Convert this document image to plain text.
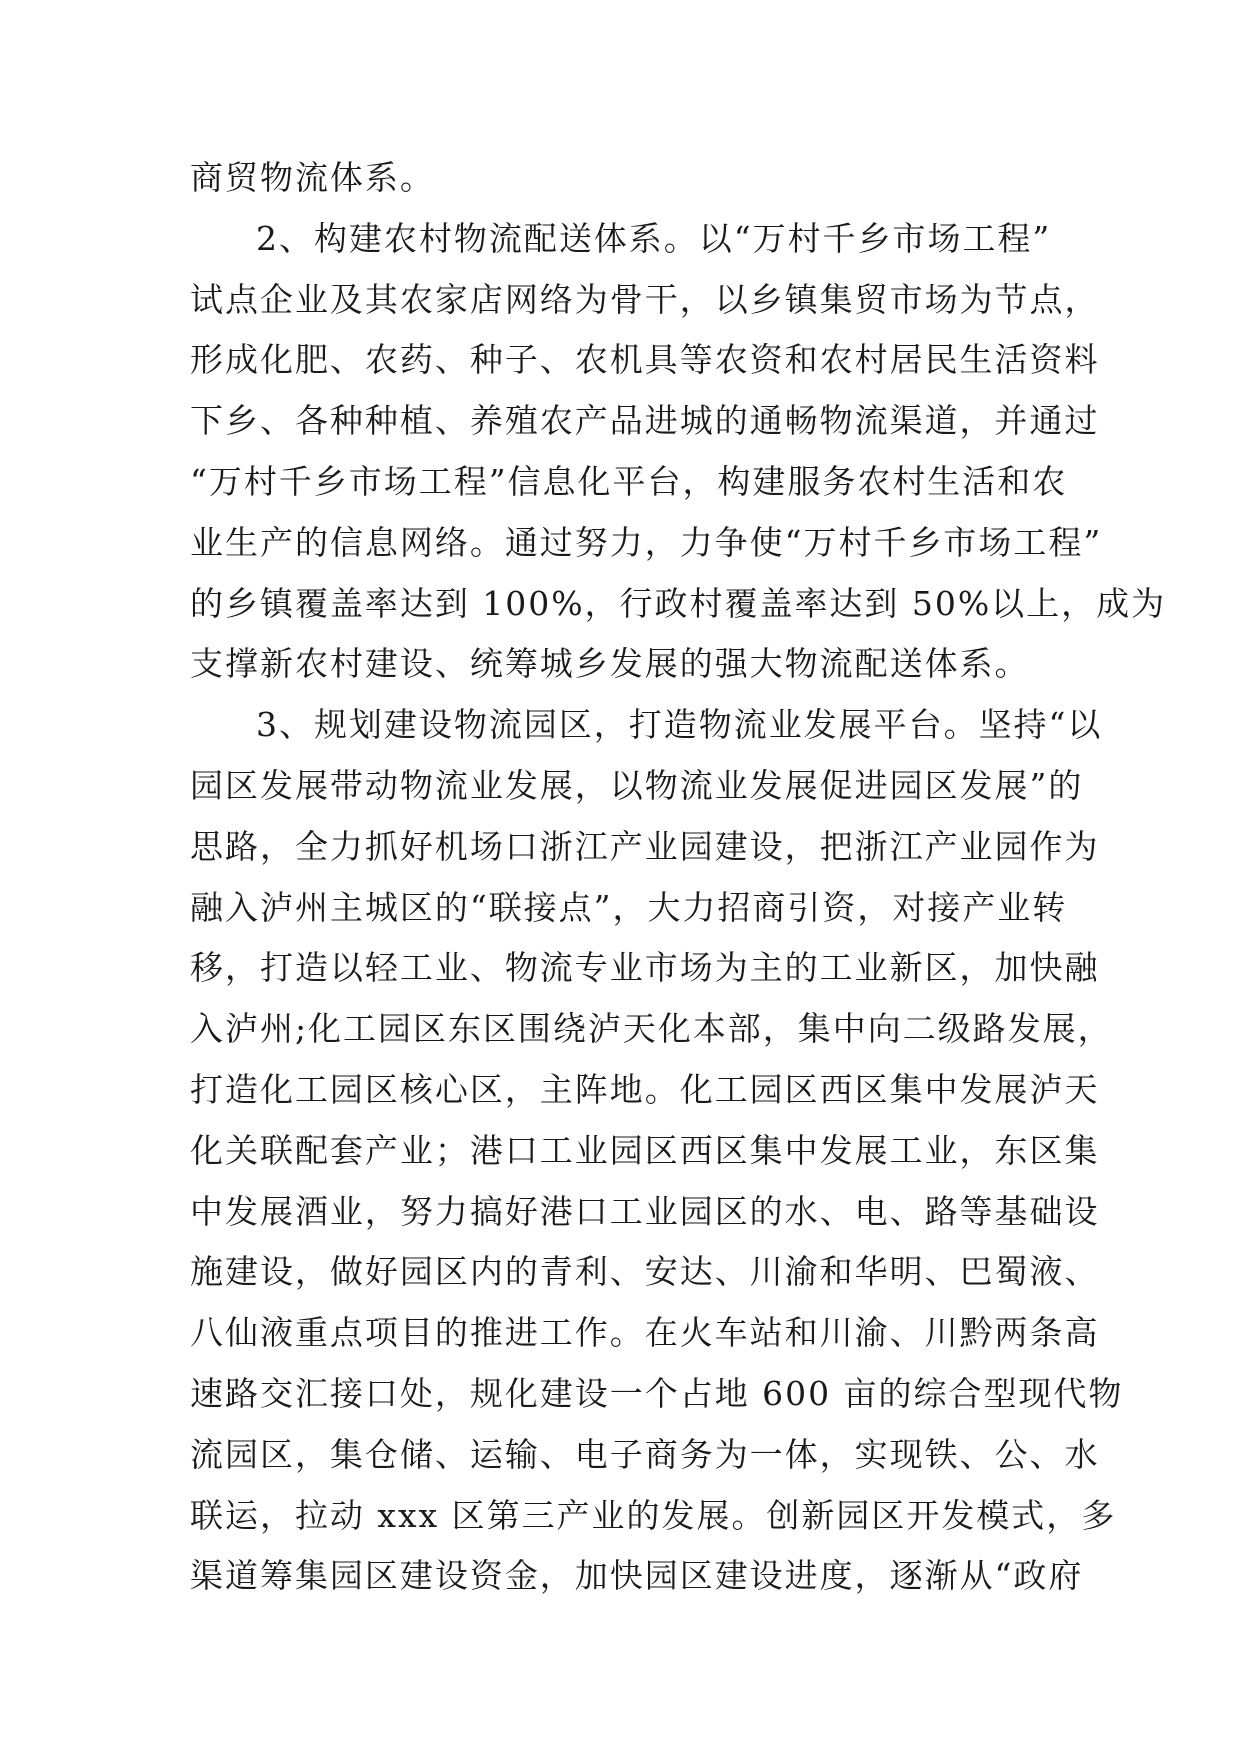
商贸物流体系。
2、构建农村物流配送体系。以“万村千乡市场工程”
试点企业及其农家店网络为骨干，以乡镇集贸市场为节点，
形成化肥、农药、种子、农机具等农资和农村居民生活资料
下乡、各种种植、养殖农产品进城的通畅物流渠道，并通过
“万村千乡市场工程”信息化平台，构建服务农村生活和农
业生产的信息网络。通过努力，力争使“万村千乡市场工程”
的乡镇覆盖率达到 100%，行政村覆盖率达到 50%以上，成为
支撑新农村建设、统筹城乡发展的强大物流配送体系。
3、规划建设物流园区，打造物流业发展平台。坚持“以
园区发展带动物流业发展，以物流业发展促进园区发展”的
思路，全力抓好机场口浙江产业园建设，把浙江产业园作为
融入泸州主城区的“联接点”，大力招商引资，对接产业转
移，打造以轻工业、物流专业市场为主的工业新区，加快融
入泸州;化工园区东区围绕泸天化本部，集中向二级路发展，
打造化工园区核心区，主阵地。化工园区西区集中发展泸天
化关联配套产业；港口工业园区西区集中发展工业，东区集
中发展酒业，努力搞好港口工业园区的水、电、路等基础设
施建设，做好园区内的青利、安达、川渝和华明、巴蜀液、
八仙液重点项目的推进工作。在火车站和川渝、川黔两条高
速路交汇接口处，规化建设一个占地 600 亩的综合型现代物
流园区，集仓储、运输、电子商务为一体，实现铁、公、水
联运，拉动 xxx 区第三产业的发展。创新园区开发模式，多
渠道筹集园区建设资金，加快园区建设进度，逐渐从“政府
